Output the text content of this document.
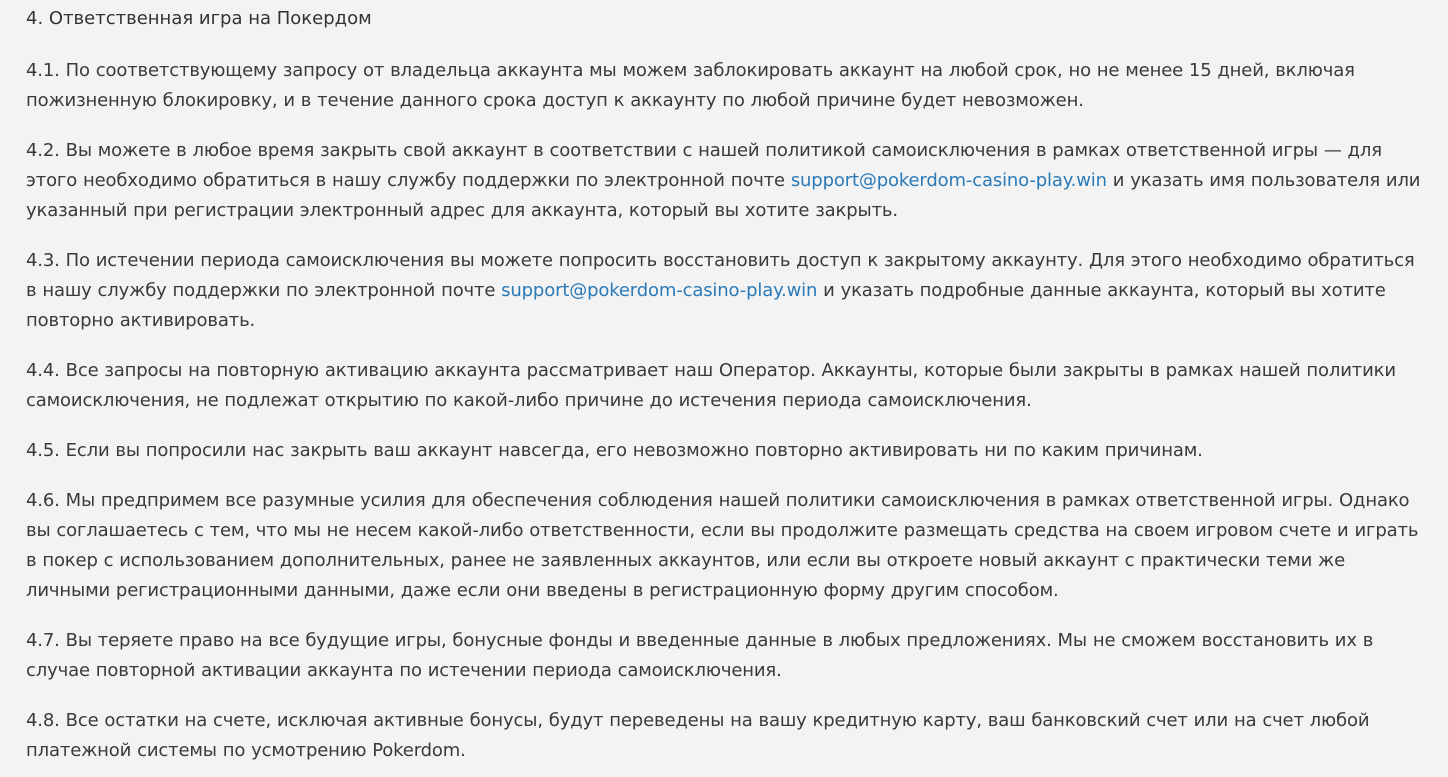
4. Ответственная игра на Покердом

4.1. По соответствующему запросу от владельца аккаунта мы можем заблокировать аккаунт на любой срок, но не менее 15 дней, включая пожизненную блокировку, и в течение данного срока доступ к аккаунту по любой причине будет невозможен.

4.2. Вы можете в любое время закрыть свой аккаунт в соответствии с нашей политикой самоисключения в рамках ответственной игры — для этого необходимо обратиться в нашу службу поддержки по электронной почте support@pokerdom-casino-play.win и указать имя пользователя или указанный при регистрации электронный адрес для аккаунта, который вы хотите закрыть.

4.3. По истечении периода самоисключения вы можете попросить восстановить доступ к закрытому аккаунту. Для этого необходимо обратиться в нашу службу поддержки по электронной почте support@pokerdom-casino-play.win и указать подробные данные аккаунта, который вы хотите повторно активировать.

4.4. Все запросы на повторную активацию аккаунта рассматривает наш Оператор. Аккаунты, которые были закрыты в рамках нашей политики самоисключения, не подлежат открытию по какой-либо причине до истечения периода самоисключения.

4.5. Если вы попросили нас закрыть ваш аккаунт навсегда, его невозможно повторно активировать ни по каким причинам.

4.6. Мы предпримем все разумные усилия для обеспечения соблюдения нашей политики самоисключения в рамках ответственной игры. Однако вы соглашаетесь с тем, что мы не несем какой-либо ответственности, если вы продолжите размещать средства на своем игровом счете и играть в покер с использованием дополнительных, ранее не заявленных аккаунтов, или если вы откроете новый аккаунт с практически теми же личными регистрационными данными, даже если они введены в регистрационную форму другим способом.

4.7. Вы теряете право на все будущие игры, бонусные фонды и введенные данные в любых предложениях. Мы не сможем восстановить их в случае повторной активации аккаунта по истечении периода самоисключения.

4.8. Все остатки на счете, исключая активные бонусы, будут переведены на вашу кредитную карту, ваш банковский счет или на счет любой платежной системы по усмотрению Pokerdom.
